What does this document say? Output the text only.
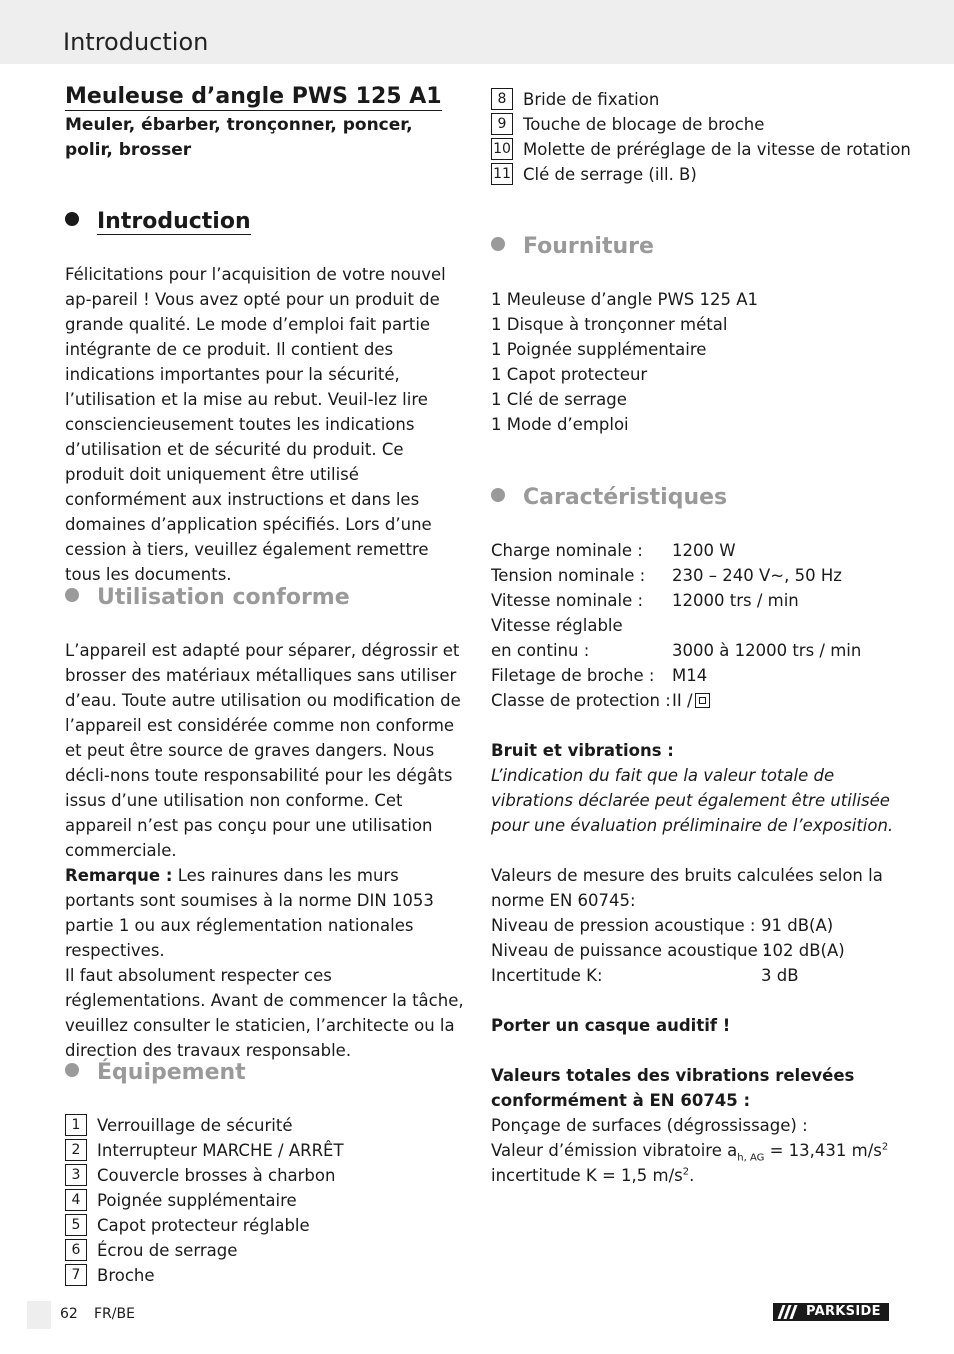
Introduction
Meuleuse d’angle PWS 125 A1
Meuler, ébarber, tronçonner, poncer, polir, brosser
Introduction

Félicitations pour l’acquisition de votre nouvel ap-pareil ! Vous avez opté pour un produit de grande qualité. Le mode d’emploi fait partie intégrante de ce produit. Il contient des indications importantes pour la sécurité, l’utilisation et la mise au rebut. Veuil-lez lire consciencieusement toutes les indications d’utilisation et de sécurité du produit. Ce produit doit uniquement être utilisé conformément aux instructions et dans les domaines d’application spécifiés. Lors d’une cession à tiers, veuillez également remettre tous les documents.

Utilisation conforme

L’appareil est adapté pour séparer, dégrossir et brosser des matériaux métalliques sans utiliser d’eau. Toute autre utilisation ou modification de l’appareil est considérée comme non conforme et peut être source de graves dangers. Nous décli-nons toute responsabilité pour les dégâts issus d’une utilisation non conforme. Cet appareil n’est pas conçu pour une utilisation commerciale.

Remarque : Les rainures dans les murs portants sont soumises à la norme DIN 1053 partie 1 ou aux réglementation nationales respectives.

Il faut absolument respecter ces réglementations. Avant de commencer la tâche, veuillez consulter le staticien, l’architecte ou la direction des travaux responsable.

Équipement
1	Verrouillage de sécurité
2	Interrupteur MARCHE / ARRÊT
3	Couvercle brosses à charbon
4	Poignée supplémentaire
5	Capot protecteur réglable
6	Écrou de serrage
7	Broche
8	Bride de fixation
9	Touche de blocage de broche
10 Molette de préréglage de la vitesse de rotation
11 Clé de serrage (ill. B)
Fourniture
1 Meuleuse d’angle PWS 125 A1
1 Disque à tronçonner métal
1 Poignée supplémentaire
1 Capot protecteur
1 Clé de serrage
1 Mode d’emploi
Caractéristiques
Charge nominale : 1200 W
Tension nominale : 230 – 240 V~, 50 Hz
Vitesse nominale : 12000 trs / min
Vitesse réglable
en continu :	3000 à 12000 trs / min
Filetage de broche : M14
Classe de protection : II /

Bruit et vibrations :

L’indication du fait que la valeur totale de vibrations déclarée peut également être utilisée pour une évaluation préliminaire de l’exposition.

Valeurs de mesure des bruits calculées selon la norme EN 60745:

Niveau de pression acoustique : 91 dB(A)
Niveau de puissance acoustique :
102 dB(A)
Incertitude K:	3 dB

Porter un casque auditif !

Valeurs totales des vibrations relevées conformément à EN 60745 :

Ponçage de surfaces (dégrossissage) :

Valeur d’émission vibratoire $a_{h, AG} = 13,431$ $m/s^2$

incertitude K = 1,5 $m/s^2$.

62 FR/BE	PARKSIDE
